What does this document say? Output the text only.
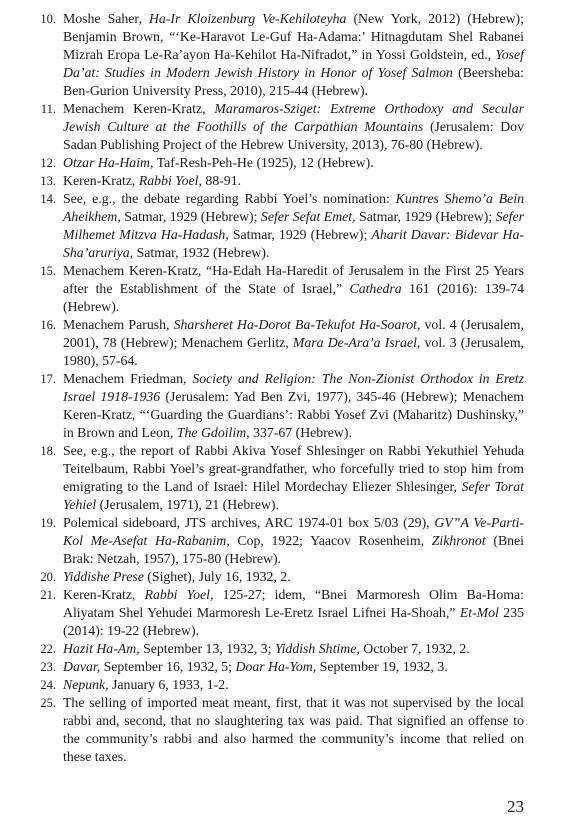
10 . Moshe Saher, Ha-Ir Kloizenburg Ve-Kehiloteyha (New York, 2012) (Hebrew); Benjamin Brown, “‘Ke-Haravot Le-Guf Ha-Adama:’ Hitnagdutam Shel Rabanei Mizrah Eropa Le-Ra’ayon Ha-Kehilot Ha-Nifradot,” in Yossi Goldstein, ed., Yosef Da’at: Studies in Modern Jewish History in Honor of Yosef Salmon (Beersheba: Ben-Gurion University Press, 2010), 215-44 (Hebrew).

11 . Menachem Keren-Kratz, Maramaros-Sziget: Extreme Orthodoxy and Secular Jewish Culture at the Foothills of the Carpathian Mountains (Jerusalem: Dov Sadan Publishing Project of the Hebrew University, 2013), 76-80 (Hebrew).

12 . Otzar Ha-Haim, Taf-Resh-Peh-He (1925), 12 (Hebrew).

13 . Keren-Kratz, Rabbi Yoel, 88-91.

14 . See, e.g., the debate regarding Rabbi Yoel’s nomination: Kuntres Shemo’a Bein Aheikhem, Satmar, 1929 (Hebrew); Sefer Sefat Emet, Satmar, 1929 (Hebrew); Sefer Milhemet Mitzva Ha-Hadash, Satmar, 1929 (Hebrew); Aharit Davar: Bidevar Ha-Sha’aruriya, Satmar, 1932 (Hebrew).

15 . Menachem Keren-Kratz, “Ha-Edah Ha-Haredit of Jerusalem in the First 25 Years after the Establishment of the State of Israel,” Cathedra 161 (2016): 139-74 (Hebrew).

16 . Menachem Parush, Sharsheret Ha-Dorot Ba-Tekufot Ha-Soarot, vol. 4 (Jerusalem, 2001), 78 (Hebrew); Menachem Gerlitz, Mara De-Ara’a Israel, vol. 3 (Jerusalem, 1980), 57-64.

17 . Menachem Friedman, Society and Religion: The Non-Zionist Orthodox in Eretz Israel 1918-1936 (Jerusalem: Yad Ben Zvi, 1977), 345-46 (Hebrew); Menachem Keren-Kratz, “‘Guarding the Guardians’: Rabbi Yosef Zvi (Maharitz) Dushinsky,” in Brown and Leon, The Gdoilim, 337-67 (Hebrew).

18 . See, e.g., the report of Rabbi Akiva Yosef Shlesinger on Rabbi Yekuthiel Yehuda Teitelbaum, Rabbi Yoel’s great-grandfather, who forcefully tried to stop him from emigrating to the Land of Israel: Hilel Mordechay Eliezer Shlesinger, Sefer Torat Yehiel (Jerusalem, 1971), 21 (Hebrew).

19 . Polemical sideboard, JTS archives, ARC 1974-01 box 5/03 (29), GV”A Ve-Parti-Kol Me-Asefat Ha-Rabanim, Cop, 1922; Yaacov Rosenheim, Zikhronot (Bnei Brak: Netzah, 1957), 175-80 (Hebrew).

20 . Yiddishe Prese (Sighet), July 16, 1932, 2.

21 . Keren-Kratz, Rabbi Yoel, 125-27; idem, “Bnei Marmoresh Olim Ba-Homa: Aliyatam Shel Yehudei Marmoresh Le-Eretz Israel Lifnei Ha-Shoah,” Et-Mol 235 (2014): 19-22 (Hebrew).

22 . Hazit Ha-Am, September 13, 1932, 3; Yiddish Shtime, October 7, 1932, 2.

23 . Davar, September 16, 1932, 5; Doar Ha-Yom, September 19, 1932, 3.

24 . Nepunk, January 6, 1933, 1-2.

25 . The selling of imported meat meant, first, that it was not supervised by the local rabbi and, second, that no slaughtering tax was paid. That signified an offense to the community’s rabbi and also harmed the community’s income that relied on these taxes.

23
